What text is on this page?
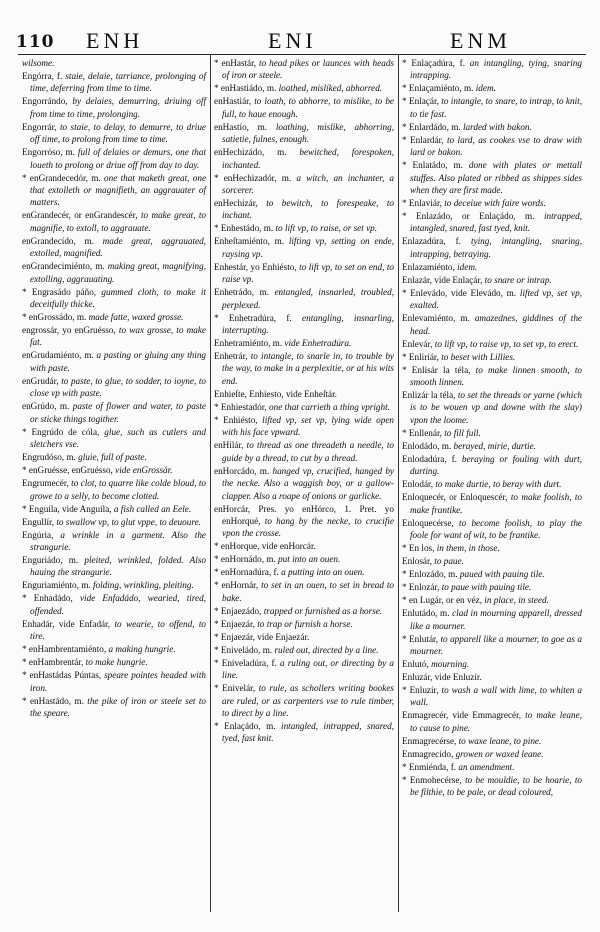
110 ENH	ENI	ENM
wilsome.
Engórra, f. staie, delaie, tarriance, prolonging of time, deferring from time to time.
Engorrándo, by delaies, demurring, driuing off from time to time, prolonging.
Engorrár, to staie, to delay, to demurre, to driue off time, to prolong from time to time.
Engorróso, m. full of delaies or demurs, one that loueth to prolong or driue off from day to day.
* enGrandecedór, m. one that maketh great, one that extolleth or magnifieth, an aggrauater of matters.
enGrandecér, or enGrandescér, to make great, to magnifie, to extoll, to aggrauate.
enGrandecído, m. made great, aggrauated, extolled, magnified.
enGrandecimiénto, m. making great, magnifying, extolling, aggrauating.
* Engrasádo páño, gummed cloth, to make it deceitfully thicke.
* enGrossádo, m. made fatte, waxed grosse.
engrossár, yo enGruésso, to wax grosse, to make fat.
enGrudamiénto, m. a pasting or gluing any thing with paste.
enGrudár, to paste, to glue, to sodder, to ioyne, to close vp with paste.
enGrúdo, m. paste of flower and water, to paste or sticke things togither.
* Engrúdo de cóla, glue, such as cutlers and sletchers vse.
Engrudóso, m. gluie, full of paste.
* enGruésse, enGruésso, vide enGrossár.
Engrumecér, to clot, to quarre like colde bloud, to growe to a selly, to become clotted.
* Enguíla, vide Anguíla, a fish called an Eele.
Engullír, to swallow vp, to glut vppe, to deuoure.
Engúria, a wrinkle in a garment. Also the strangurie.
Enguriádo, m. pleited, wrinkled, folded. Also hauing the strangurie.
Enguriamiénto, m. folding, wrinkling, pleiting.
* Enhadádo, vide Enfadádo, wearied, tired, offended.
Enhadár, vide Enfadár, to wearie, to offend, to tire.
* enHambrentamiénto, a making hungrie.
* enHambrentár, to make hungrie.
* enHastádas Púntas, speare pointes headed with iron.
* enHastádo, m. the pike of iron or steele set to the speare.
* enHastár, to head pikes or launces with heads of iron or steele.
* enHastiádo, m. loathed, mislíked, abhorred.
enHastiár, to loath, to abhorre, to mislike, to be full, to haue enough.
enHastío, m. loathing, mislike, abhorring, satietie, fulnes, enough.
enHechizádo, m. bewitched, forespoken, inchanted.
* enHechizadór, m. a witch, an inchanter, a sorcerer.
enHechizár, to bewitch, to forespeake, to inchant.
* Enhestádo, m. to lift vp, to raise, or set vp.
Enheſtamiénto, m. lifting vp, setting on ende, raysing vp.
Enhestár, yo Enhiésto, to lift vp, to set on end, to raise vp.
Enhetrádo, m. entangled, insnarled, troubled, perplexed.
* Enhetradúra, f. entangling, insnarling, interrupting.
Enhetramiénto, m. vide Enhetradúra.
Enhetrár, to intangle, to snarle in, to trouble by the way, to make in a perplexitie, or at his wits end.
Enhieſte, Enhiesto, vide Enheſtár.
* Enhiestadór, one that carrieth a thing vpright.
* Enhiésto, lifted vp, set vp, lying wide open with his face vpward.
enHilár, to thread as one threadeth a needle, to guide by a thread, to cut by a thread.
enHorcádo, m. hanged vp, crucified, hanged by the necke. Also a waggish boy, or a gallow-clapper. Also a roape of onions or garlicke.
enHorcár, Pres. yo enHórco, 1. Pret. yo enHorqué, to hang by the necke, to crucifie vpon the crosse.
* enHorque, vide enHorcár.
* enHornádo, m. put into an ouen.
* enHornadúra, f. a putting into an ouen.
* enHornár, to set in an ouen, to set in bread to bake.
* Enjaezádo, trapped or furnished as a horse.
* Enjaezár, to trap or furnish a horse.
* Enjaezár, vide Enjaezár.
* Eniveládo, m. ruled out, directed by a line.
* Eniveladúra, f. a ruling out, or directing by a line.
* Enivelár, to rule, as schollers writing bookes are ruled, or as carpenters vse to rule timber, to direct by a line.
* Enlaçádo, m. intangled, intrapped, snared, tyed, fast knit.
* Enlaçadúra, f. an intangling, tying, snaring intrapping.
* Enlaçamiénto, m. idem.
* Enlaçár, to intangle, to snare, to intrap, to knit, to tie fast.
* Enlardádo, m. larded with bakon.
* Enlardár, to lard, as cookes vse to draw with lard or bakon.
* Enlatádo, m. done with plates or mettall stuffes. Also plated or ribbed as shippes sides when they are first made.
* Enlaviár, to deceiue with faire words.
* Enlazádo, or Enlaçádo, m. intrapped, intangled, snared, fast tyed, knit.
Enlazadúra, f. tying, intangling, snaring, intrapping, betraying.
Enlazamiénto, idem.
Enlazár, vide Enlaçár, to snare or intrap.
* Enlevádo, vide Elevádo, m. lifted vp, set vp, exalted.
Enlevamiénto, m. amazednes, giddines of the head.
Enlevár, to lift vp, to raise vp, to set vp, to erect.
* Enliriár, to beset with Lillies.
* Enlisár la téla, to make linnen smooth, to smooth linnen.
Enlizár la téla, to set the threads or yarne (which is to be wouen vp and downe with the slay) vpon the loome.
* Enllenár, to fill full.
Enlodádo, m. berayed, mirie, durtie.
Enlodadúra, f. beraying or fouling with durt, durting.
Enlodár, to make durtie, to beray with durt.
Enloquecér, or Enloquescér, to make foolish, to make frantike.
Enloquecérse, to become foolish, to play the foole for want of wit, to be frantike.
* En los, in them, in those.
Enlosár, to paue.
* Enlozádo, m. paued with pauing tile.
* Enlozár, to paue with pauing tile.
* en Lugár, or en véz, in place, in steed.
Enlutádo, m. clad in mourning apparell, dressed like a mourner.
* Enlutár, to apparell like a mourner, to goe as a mourner.
Enlutó, mourning.
Enluzár, vide Enluzír.
* Enluzír, to wash a wall with lime, to whiten a wall.
Enmagrecér, vide Emmagrecér, to make leane, to cause to pine.
Enmagrecérse, to waxe leane, to pine.
Enmagrecído, growen or waxed leane.
* Enmiénda, f. an amendment.
* Enmohecérse, to be mouldie, to be hoarie, to be filthie, to be pale, or dead coloured,
